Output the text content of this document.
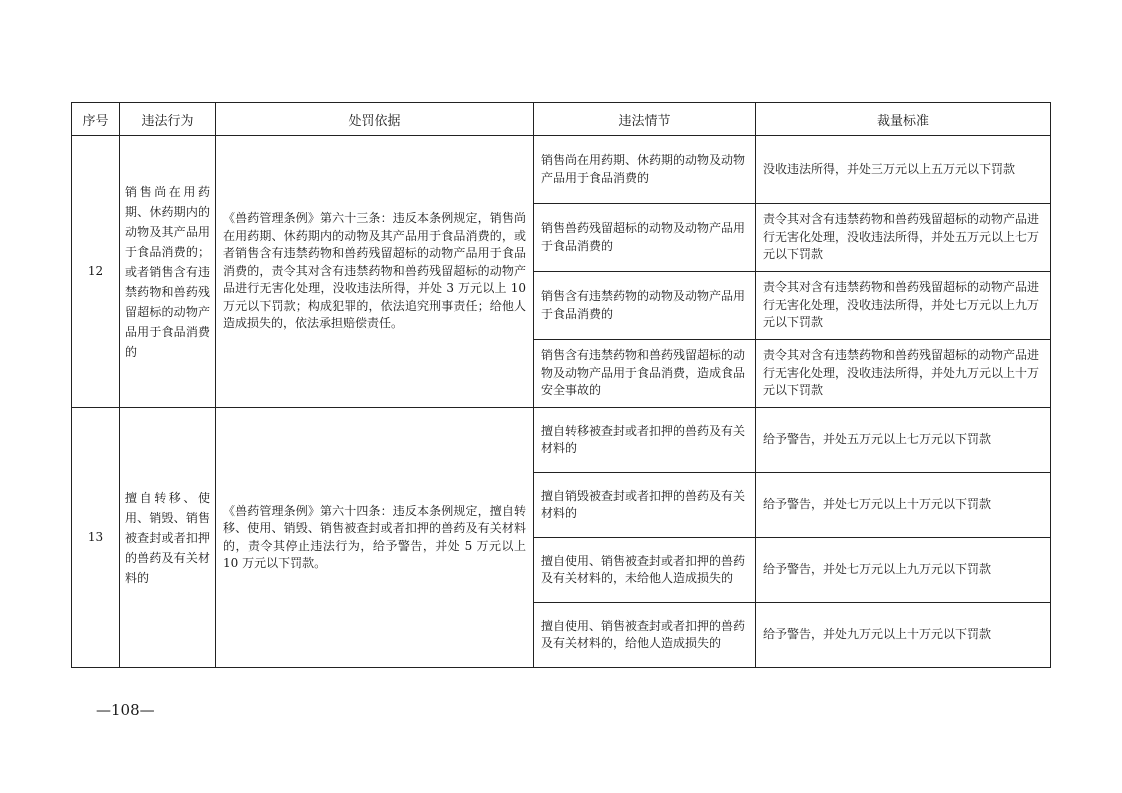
序号	违法行为	处罚依据	违法情节	裁量标准
12	销售尚在用药期、休药期内的动物及其产品用于食品消费的；或者销售含有违禁药物和兽药残留超标的动物产品用于食品消费的	《兽药管理条例》第六十三条：违反本条例规定，销售尚在用药期、休药期内的动物及其产品用于食品消费的，或者销售含有违禁药物和兽药残留超标的动物产品用于食品消费的，责令其对含有违禁药物和兽药残留超标的动物产品进行无害化处理，没收违法所得，并处 3 万元以上 10 万元以下罚款；构成犯罪的，依法追究刑事责任；给他人造成损失的，依法承担赔偿责任。	销售尚在用药期、休药期的动物及动物产品用于食品消费的	没收违法所得，并处三万元以上五万元以下罚款
			销售兽药残留超标的动物及动物产品用于食品消费的	责令其对含有违禁药物和兽药残留超标的动物产品进行无害化处理，没收违法所得，并处五万元以上七万元以下罚款
			销售含有违禁药物的动物及动物产品用于食品消费的	责令其对含有违禁药物和兽药残留超标的动物产品进行无害化处理，没收违法所得，并处七万元以上九万元以下罚款
			销售含有违禁药物和兽药残留超标的动物及动物产品用于食品消费，造成食品安全事故的	责令其对含有违禁药物和兽药残留超标的动物产品进行无害化处理，没收违法所得，并处九万元以上十万元以下罚款
13	擅自转移、使用、销毁、销售被查封或者扣押的兽药及有关材料的	《兽药管理条例》第六十四条：违反本条例规定，擅自转移、使用、销毁、销售被查封或者扣押的兽药及有关材料的，责令其停止违法行为，给予警告，并处 5 万元以上 10 万元以下罚款。	擅自转移被查封或者扣押的兽药及有关材料的	给予警告，并处五万元以上七万元以下罚款
			擅自销毁被查封或者扣押的兽药及有关材料的	给予警告，并处七万元以上十万元以下罚款
			擅自使用、销售被查封或者扣押的兽药及有关材料的，未给他人造成损失的	给予警告，并处七万元以上九万元以下罚款
			擅自使用、销售被查封或者扣押的兽药及有关材料的，给他人造成损失的	给予警告，并处九万元以上十万元以下罚款
—108—
